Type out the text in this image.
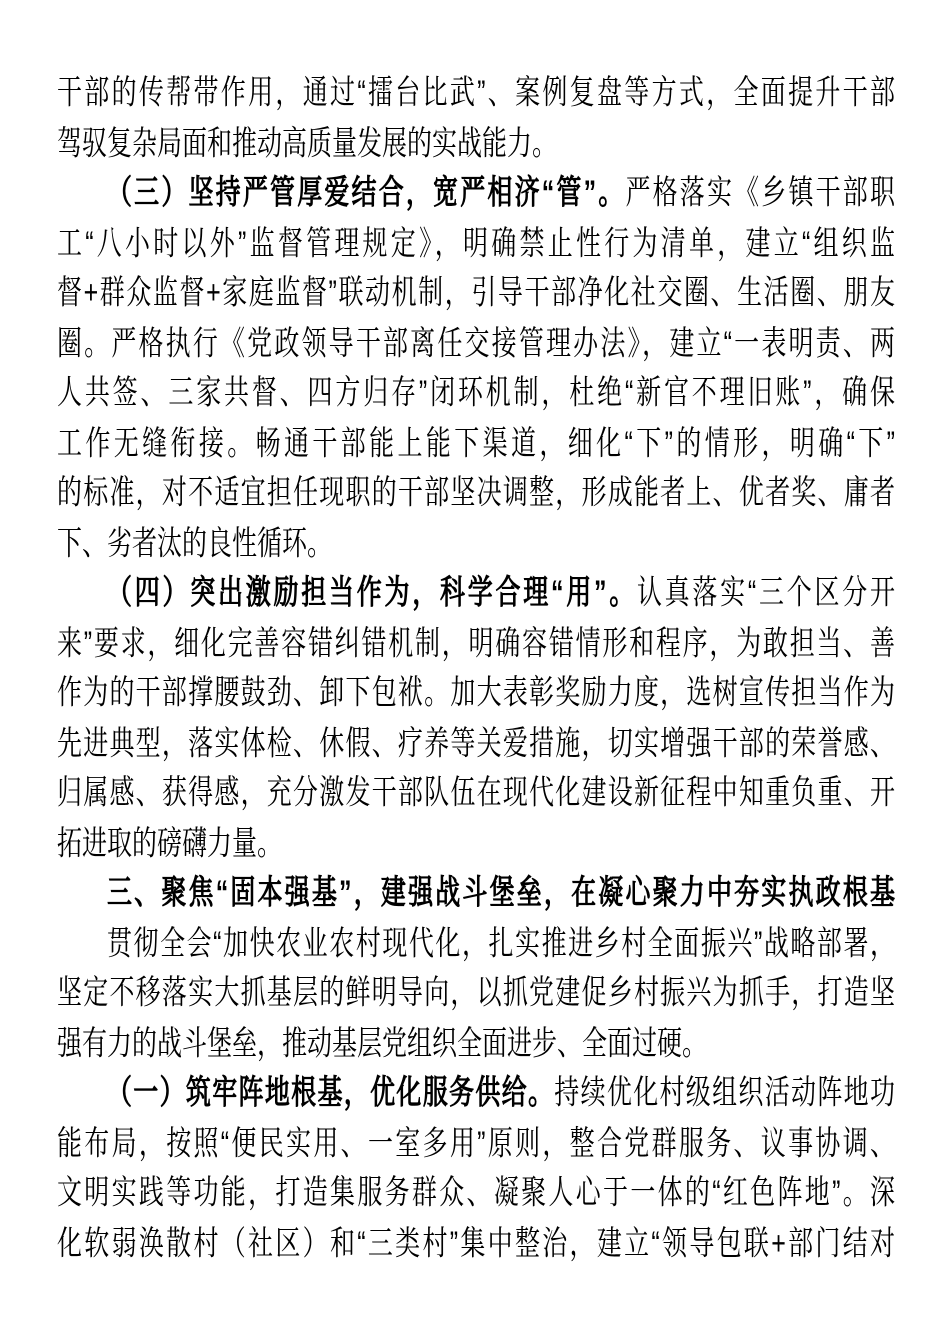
干部的传帮带作用，通过“擂台比武”、案例复盘等方式，全面提升干部
驾驭复杂局面和推动高质量发展的实战能力。
（三）坚持严管厚爱结合，宽严相济“管”。严格落实《乡镇干部职
工“八小时以外”监督管理规定》，明确禁止性行为清单，建立“组织监
督+群众监督+家庭监督”联动机制，引导干部净化社交圈、生活圈、朋友
圈。严格执行《党政领导干部离任交接管理办法》，建立“一表明责、两
人共签、三家共督、四方归存”闭环机制，杜绝“新官不理旧账”，确保
工作无缝衔接。畅通干部能上能下渠道，细化“下”的情形，明确“下”
的标准，对不适宜担任现职的干部坚决调整，形成能者上、优者奖、庸者
下、劣者汰的良性循环。
（四）突出激励担当作为，科学合理“用”。认真落实“三个区分开
来”要求，细化完善容错纠错机制，明确容错情形和程序，为敢担当、善
作为的干部撑腰鼓劲、卸下包袱。加大表彰奖励力度，选树宣传担当作为
先进典型，落实体检、休假、疗养等关爱措施，切实增强干部的荣誉感、
归属感、获得感，充分激发干部队伍在现代化建设新征程中知重负重、开
拓进取的磅礴力量。
三、聚焦“固本强基”，建强战斗堡垒，在凝心聚力中夯实执政根基
贯彻全会“加快农业农村现代化，扎实推进乡村全面振兴”战略部署，
坚定不移落实大抓基层的鲜明导向，以抓党建促乡村振兴为抓手，打造坚
强有力的战斗堡垒，推动基层党组织全面进步、全面过硬。
（一）筑牢阵地根基，优化服务供给。持续优化村级组织活动阵地功
能布局，按照“便民实用、一室多用”原则，整合党群服务、议事协调、
文明实践等功能，打造集服务群众、凝聚人心于一体的“红色阵地”。深
化软弱涣散村（社区）和“三类村”集中整治，建立“领导包联+部门结对
